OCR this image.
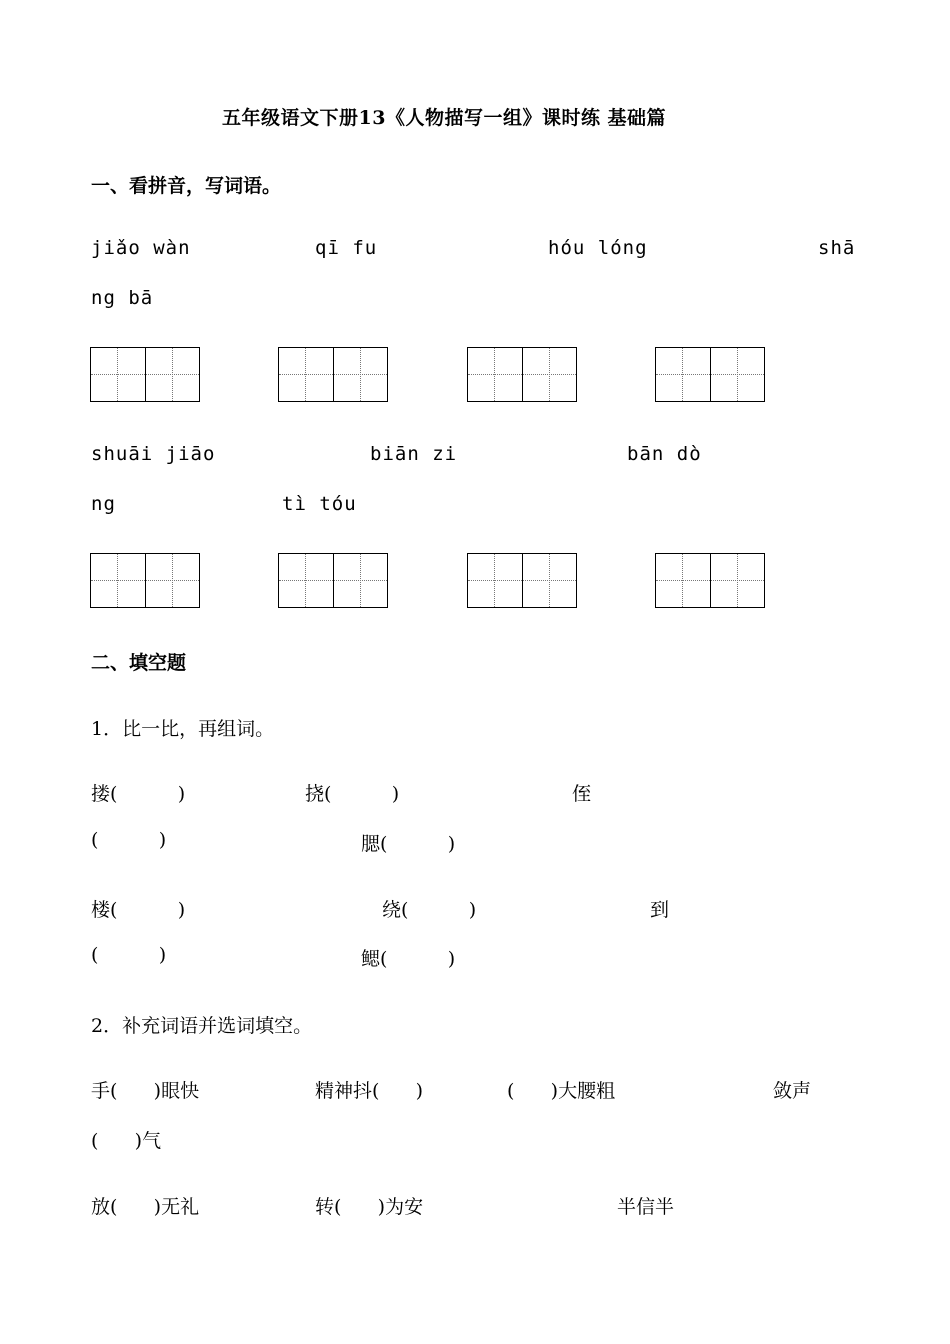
五年级语文下册13《人物描写一组》课时练 基础篇
一、看拼音，写词语。
jiǎo wàn	qī fu	hóu lóng	shā
ng bā
shuāi jiāo	biān zi	bān dò
ng	tì tóu
二、填空题
1．比一比，再组词。
搂(          )	挠(          )	侄
(          )	腮(          )
楼(          )	绕(          )	到
(          )	鳃(          )
2．补充词语并选词填空。
手(      )眼快	精神抖(      )	(      )大腰粗	敛声
(      )气
放(      )无礼	转(      )为安	半信半
